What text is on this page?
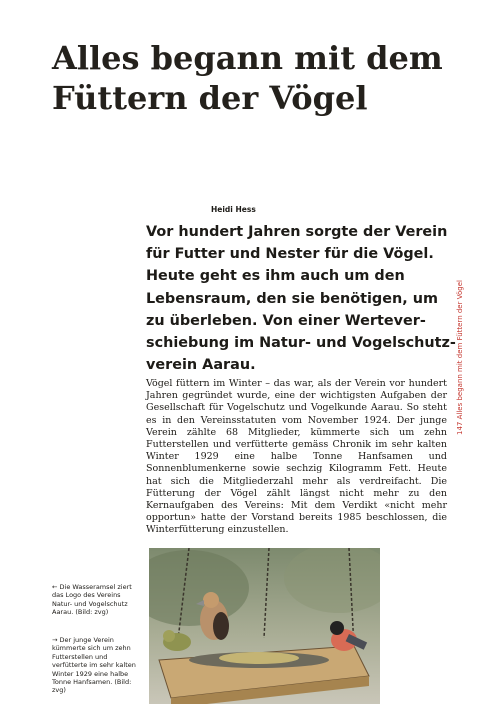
Alles begann mit dem
Füttern der Vögel
Heidi Hess

Vor hundert Jahren sorgte der Verein
für Futter und Nester für die Vögel.
Heute geht es ihm auch um den
Lebensraum, den sie benötigen, um
zu überleben. Von einer Wertever-
schiebung im Natur- und Vogelschutz-
verein Aarau.

Vögel füttern im Winter – das war, als der Verein vor hundert Jahren gegründet wurde, eine der wichtigsten Aufgaben der Gesellschaft für Vogelschutz und Vogelkunde Aarau. So steht es in den Vereinsstatuten vom November 1924. Der junge Verein zählte 68 Mitglieder, kümmerte sich um zehn Futterstellen und verfütterte gemäss Chronik im sehr kalten Winter 1929 eine halbe Tonne Hanfsamen und Sonnenblumenkerne sowie sechzig Kilogramm Fett. Heute hat sich die Mitgliederzahl mehr als verdreifacht. Die Fütterung der Vögel zählt längst nicht mehr zu den Kernaufgaben des Vereins: Mit dem Verdikt «nicht mehr opportun» hatte der Vorstand bereits 1985 beschlossen, die Winterfütterung einzustellen.

147 Alles begann mit dem Füttern der Vögel

← Die Wasseramsel ziert das Logo des Vereins Natur- und Vogelschutz Aarau. (Bild: zvg)

→ Der junge Verein kümmerte sich um zehn Futterstellen und verfütterte im sehr kalten Winter 1929 eine halbe Tonne Hanfsamen. (Bild: zvg)
